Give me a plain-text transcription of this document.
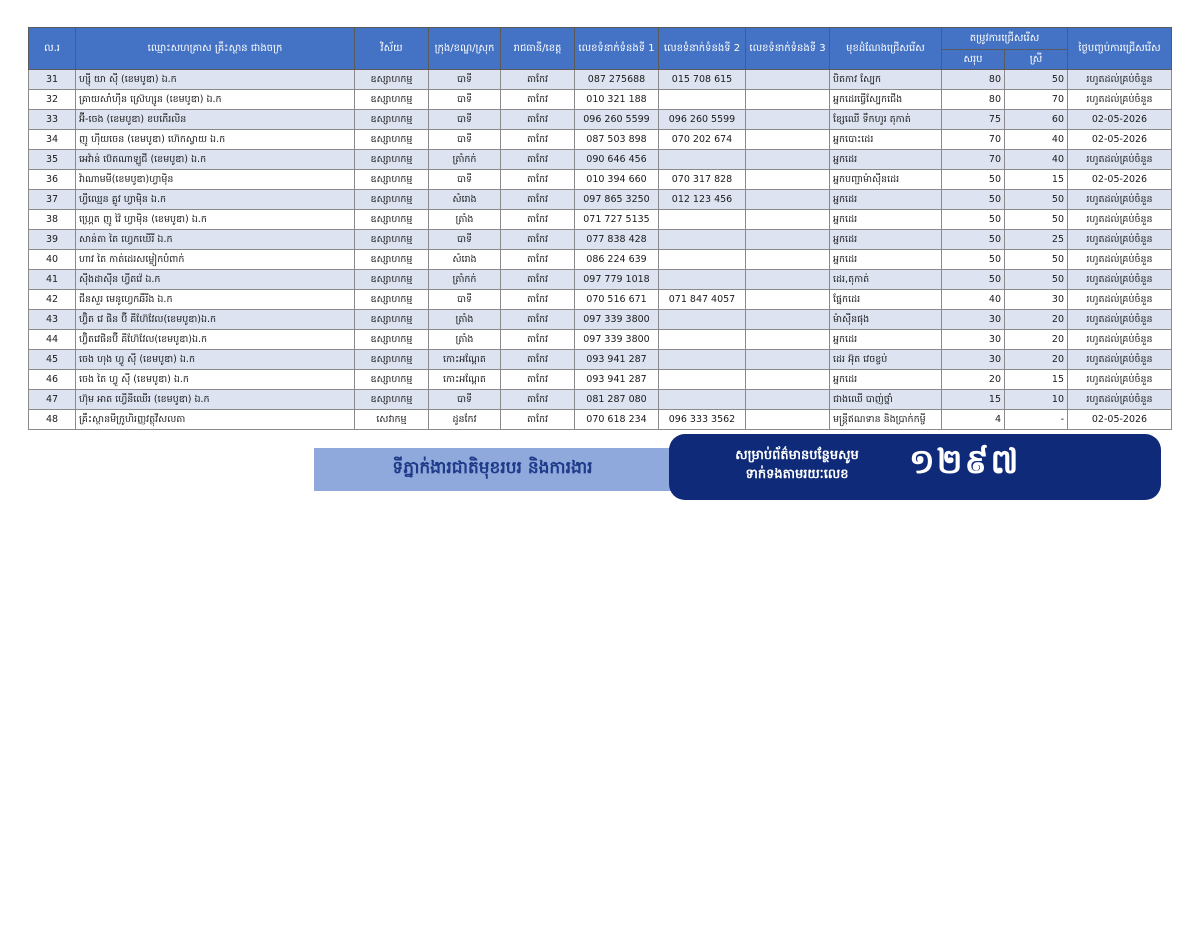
ល.រ	ឈ្មោះសហគ្រាស គ្រឹះស្ថាន ជាងចក្រ	វិស័យ	ក្រុង/ខណ្ឌ/ស្រុក	រាជធានី/ខេត្ត	លេខទំនាក់ទំនងទី 1	លេខទំនាក់ទំនងទី 2	លេខទំនាក់ទំនងទី 3	មុខដំណែងជ្រើសរើស	តម្រូវការជ្រើសរើស		ថ្ងៃបញ្ចប់ការជ្រើសរើស
									សរុប	ស្រី	
31	ហ្ស៊ី យា ស៊ី (ខេមបូឌា) ឯ.ក	ឧស្សាហកម្ម	បាទី	តាកែវ	087 275688	015 708 615		បិតកាវ ស្បែក	80	50	រហូតដល់គ្រប់ចំនួន
32	គ្រាយសាំហ៊ីន ស៊្រេហ្សូន (ខេមបូឌា) ឯ.ក	ឧស្សាហកម្ម	បាទី	តាកែវ	010 321 188			អ្នកដេរធ្វើស្បែកជើង	80	70	រហូតដល់គ្រប់ចំនួន
33	អ៊ី-ចេង (ខេមបូឌា) ខបភើរលិន	ឧស្សាហកម្ម	បាទី	តាកែវ	096 260 5599	096 260 5599		ខ្សែឈើ ទឹកហូរ តុកាត់	75	60	02-05-2026
34	ញូ ហ៊ីយចេន (ខេមបូឌា) ហ៊េកស្វាយ ឯ.ក	ឧស្សាហកម្ម	បាទី	តាកែវ	087 503 898	070 202 674		អ្នកបោះដេរ	70	40	02-05-2026
35	អេវ៉ាន់ ប៊េតណាឡូជី (ខេមបូឌា) ឯ.ក	ឧស្សាហកម្ម	ត្រាំកក់	តាកែវ	090 646 456			អ្នកដេរ	70	40	រហូតដល់គ្រប់ចំនួន
36	វ៉ាណាមមី(ខេមបូឌា)ហ្វាម៉ិន	ឧស្សាហកម្ម	បាទី	តាកែវ	010 394 660	070 317 828		អ្នកបញ្ជាម៉ាស៊ីនដេរ	50	15	02-05-2026
37	ហ្វីឈ្មេន គ្លូវ ហ្វាម៉ិន ឯ.ក	ឧស្សាហកម្ម	សំរោង	តាកែវ	097 865 3250	012 123 456		អ្នកដេរ	50	50	រហូតដល់គ្រប់ចំនួន
38	ហ្គ្រេត ញូ វ៉ៃ ហ្វាម៉ិន (ខេមបូឌា) ឯ.ក	ឧស្សាហកម្ម	ត្រាំង	តាកែវ	071 727 5135			អ្នកដេរ	50	50	រហូតដល់គ្រប់ចំនួន
39	សាន់តា តៃ ហ្វេកឃើរី ឯ.ក	ឧស្សាហកម្ម	បាទី	តាកែវ	077 838 428			អ្នកដេរ	50	25	រហូតដល់គ្រប់ចំនួន
40	ហាវ តៃ កាត់ដេរសម្លៀកបំពាក់	ឧស្សាហកម្ម	សំរោង	តាកែវ	086 224 639			អ្នកដេរ	50	50	រហូតដល់គ្រប់ចំនួន
41	ស៊ីងដាស៊ីន ហ្វីតវ៉េ ឯ.ក	ឧស្សាហកម្ម	ត្រាំកក់	តាកែវ	097 779 1018			ដេរ,តុកាត់	50	50	រហូតដល់គ្រប់ចំនួន
42	ជីនសួរ មេនូហ្វេកឆឺរីង ឯ.ក	ឧស្សាហកម្ម	បាទី	តាកែវ	070 516 671	071 847 4057		ផ្នែកដេរ	40	30	រហូតដល់គ្រប់ចំនួន
43	ហ្វ៊ិត វេ ផិន ប៊ី គីហ៊ែវែល(ខេមបូឌា)ឯ.ក	ឧស្សាហកម្ម	ត្រាំង	តាកែវ	097 339 3800			ម៉ាស៊ីនផុង	30	20	រហូតដល់គ្រប់ចំនួន
44	ហ្វ៊ិតវេផិនប៊ី គីហ៊ែវែល(ខេមបូឌា)ឯ.ក	ឧស្សាហកម្ម	ត្រាំង	តាកែវ	097 339 3800			អ្នកដេរ	30	20	រហូតដល់គ្រប់ចំនួន
45	ចេង ហុង ហ្វូ ស៊ី (ខេមបូឌា) ឯ.ក	ឧស្សាហកម្ម	កោះអណ្តែត	តាកែវ	093 941 287			ដេរ អ៊ុត វេចខ្ចប់	30	20	រហូតដល់គ្រប់ចំនួន
46	ចេង តៃ ហ្វូ ស៊ី (ខេមបូឌា) ឯ.ក	ឧស្សាហកម្ម	កោះអណ្តែត	តាកែវ	093 941 287			អ្នកដេរ	20	15	រហូតដល់គ្រប់ចំនួន
47	ហ៊ុម អាត ហ្វើនីឈើរ (ខេមបូឌា) ឯ.ក	ឧស្សាហកម្ម	បាទី	តាកែវ	081 287 080			ជាងឈើ បាញ់ថ្នាំ	15	10	រហូតដល់គ្រប់ចំនួន
48	គ្រឹះស្ថានមីក្រូហិរញ្ញវត្ថុវីសលតា	សេវាកម្ម	ដូនកែវ	តាកែវ	070 618 234	096 333 3562		មន្ត្រីឥណទាន និងប្រាក់កម្ចី	4	-	02-05-2026
ទីភ្នាក់ងារជាតិមុខរបរ និងការងារ
សម្រាប់ព័ត៌មានបន្ថែមសូម
ទាក់ទងតាមរយៈលេខ	១២៩៧
